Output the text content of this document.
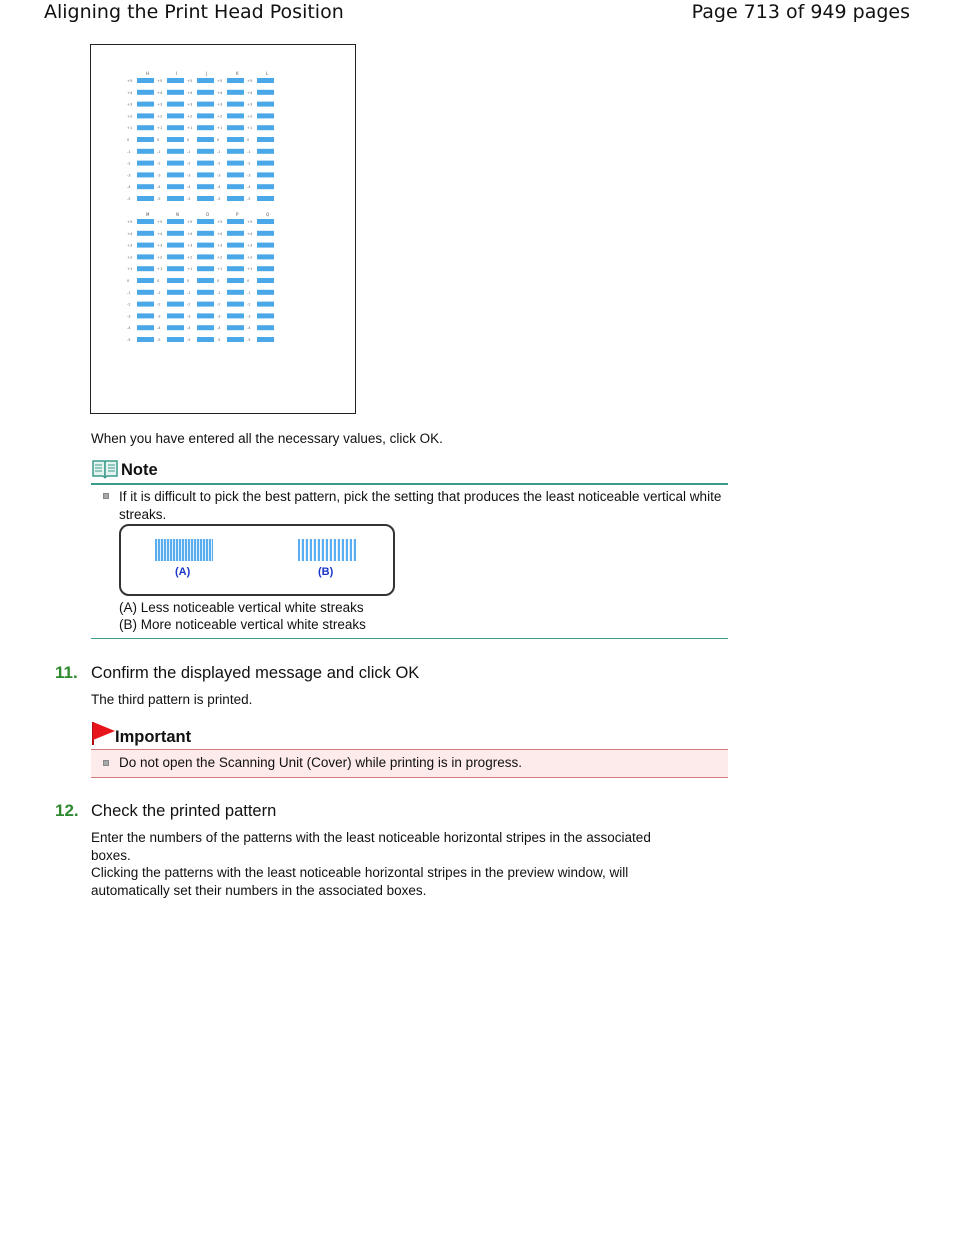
Aligning the Print Head Position	Page 713 of 949 pages
H	I	J	K	L
+5	+5	+5	+5	+5
+4	+4	+4	+4	+4
+3	+3	+3	+3	+3
+2	+2	+2	+2	+2
+1	+1	+1	+1	+1
0	0	0	0	0
-1	-1	-1	-1	-1
-2	-2	-2	-2	-2
-3	-3	-3	-3	-3
-4	-4	-4	-4	-4
-5	-5	-5	-5	-5
M	N	O	P	Q
+5	+5	+5	+5	+5
+4	+4	+4	+4	+4
+3	+3	+3	+3	+3
+2	+2	+2	+2	+2
+1	+1	+1	+1	+1
0	0	0	0	0
-1	-1	-1	-1	-1
-2	-2	-2	-2	-2
-3	-3	-3	-3	-3
-4	-4	-4	-4	-4
-5	-5	-5	-5	-5
When you have entered all the necessary values, click OK.
Note
If it is difficult to pick the best pattern, pick the setting that produces the least noticeable vertical white streaks.
(A)	(B)
(A) Less noticeable vertical white streaks
(B) More noticeable vertical white streaks
11. Confirm the displayed message and click OK
The third pattern is printed.
Important
Do not open the Scanning Unit (Cover) while printing is in progress.
12. Check the printed pattern
Enter the numbers of the patterns with the least noticeable horizontal stripes in the associated
boxes.
Clicking the patterns with the least noticeable horizontal stripes in the preview window, will
automatically set their numbers in the associated boxes.
